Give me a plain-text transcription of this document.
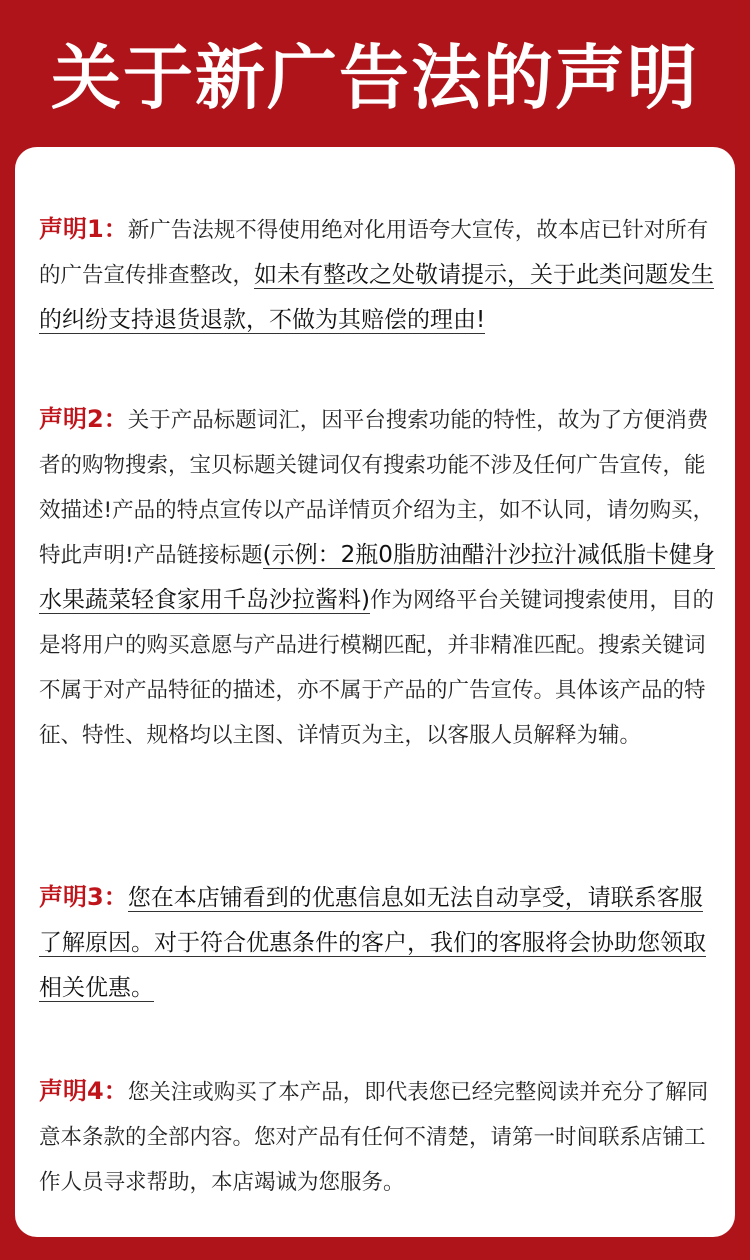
关于新广告法的声明
声明1：新广告法规不得使用绝对化用语夸大宣传，故本店已针对所有的广告宣传排查整改，如未有整改之处敬请提示，关于此类问题发生的纠纷支持退货退款，不做为其赔偿的理由!
声明2：关于产品标题词汇，因平台搜索功能的特性，故为了方便消费者的购物搜索，宝贝标题关键词仅有搜索功能不涉及任何广告宣传，能效描述!产品的特点宣传以产品详情页介绍为主，如不认同，请勿购买，特此声明!产品链接标题(示例：2瓶0脂肪油醋汁沙拉汁减低脂卡健身水果蔬菜轻食家用千岛沙拉酱料)作为网络平台关键词搜索使用，目的是将用户的购买意愿与产品进行模糊匹配，并非精准匹配。搜索关键词不属于对产品特征的描述，亦不属于产品的广告宣传。具体该产品的特征、特性、规格均以主图、详情页为主，以客服人员解释为辅。
声明3：您在本店铺看到的优惠信息如无法自动享受，请联系客服了解原因。对于符合优惠条件的客户，我们的客服将会协助您领取相关优惠。
声明4：您关注或购买了本产品，即代表您已经完整阅读并充分了解同意本条款的全部内容。您对产品有任何不清楚，请第一时间联系店铺工作人员寻求帮助，本店竭诚为您服务。
